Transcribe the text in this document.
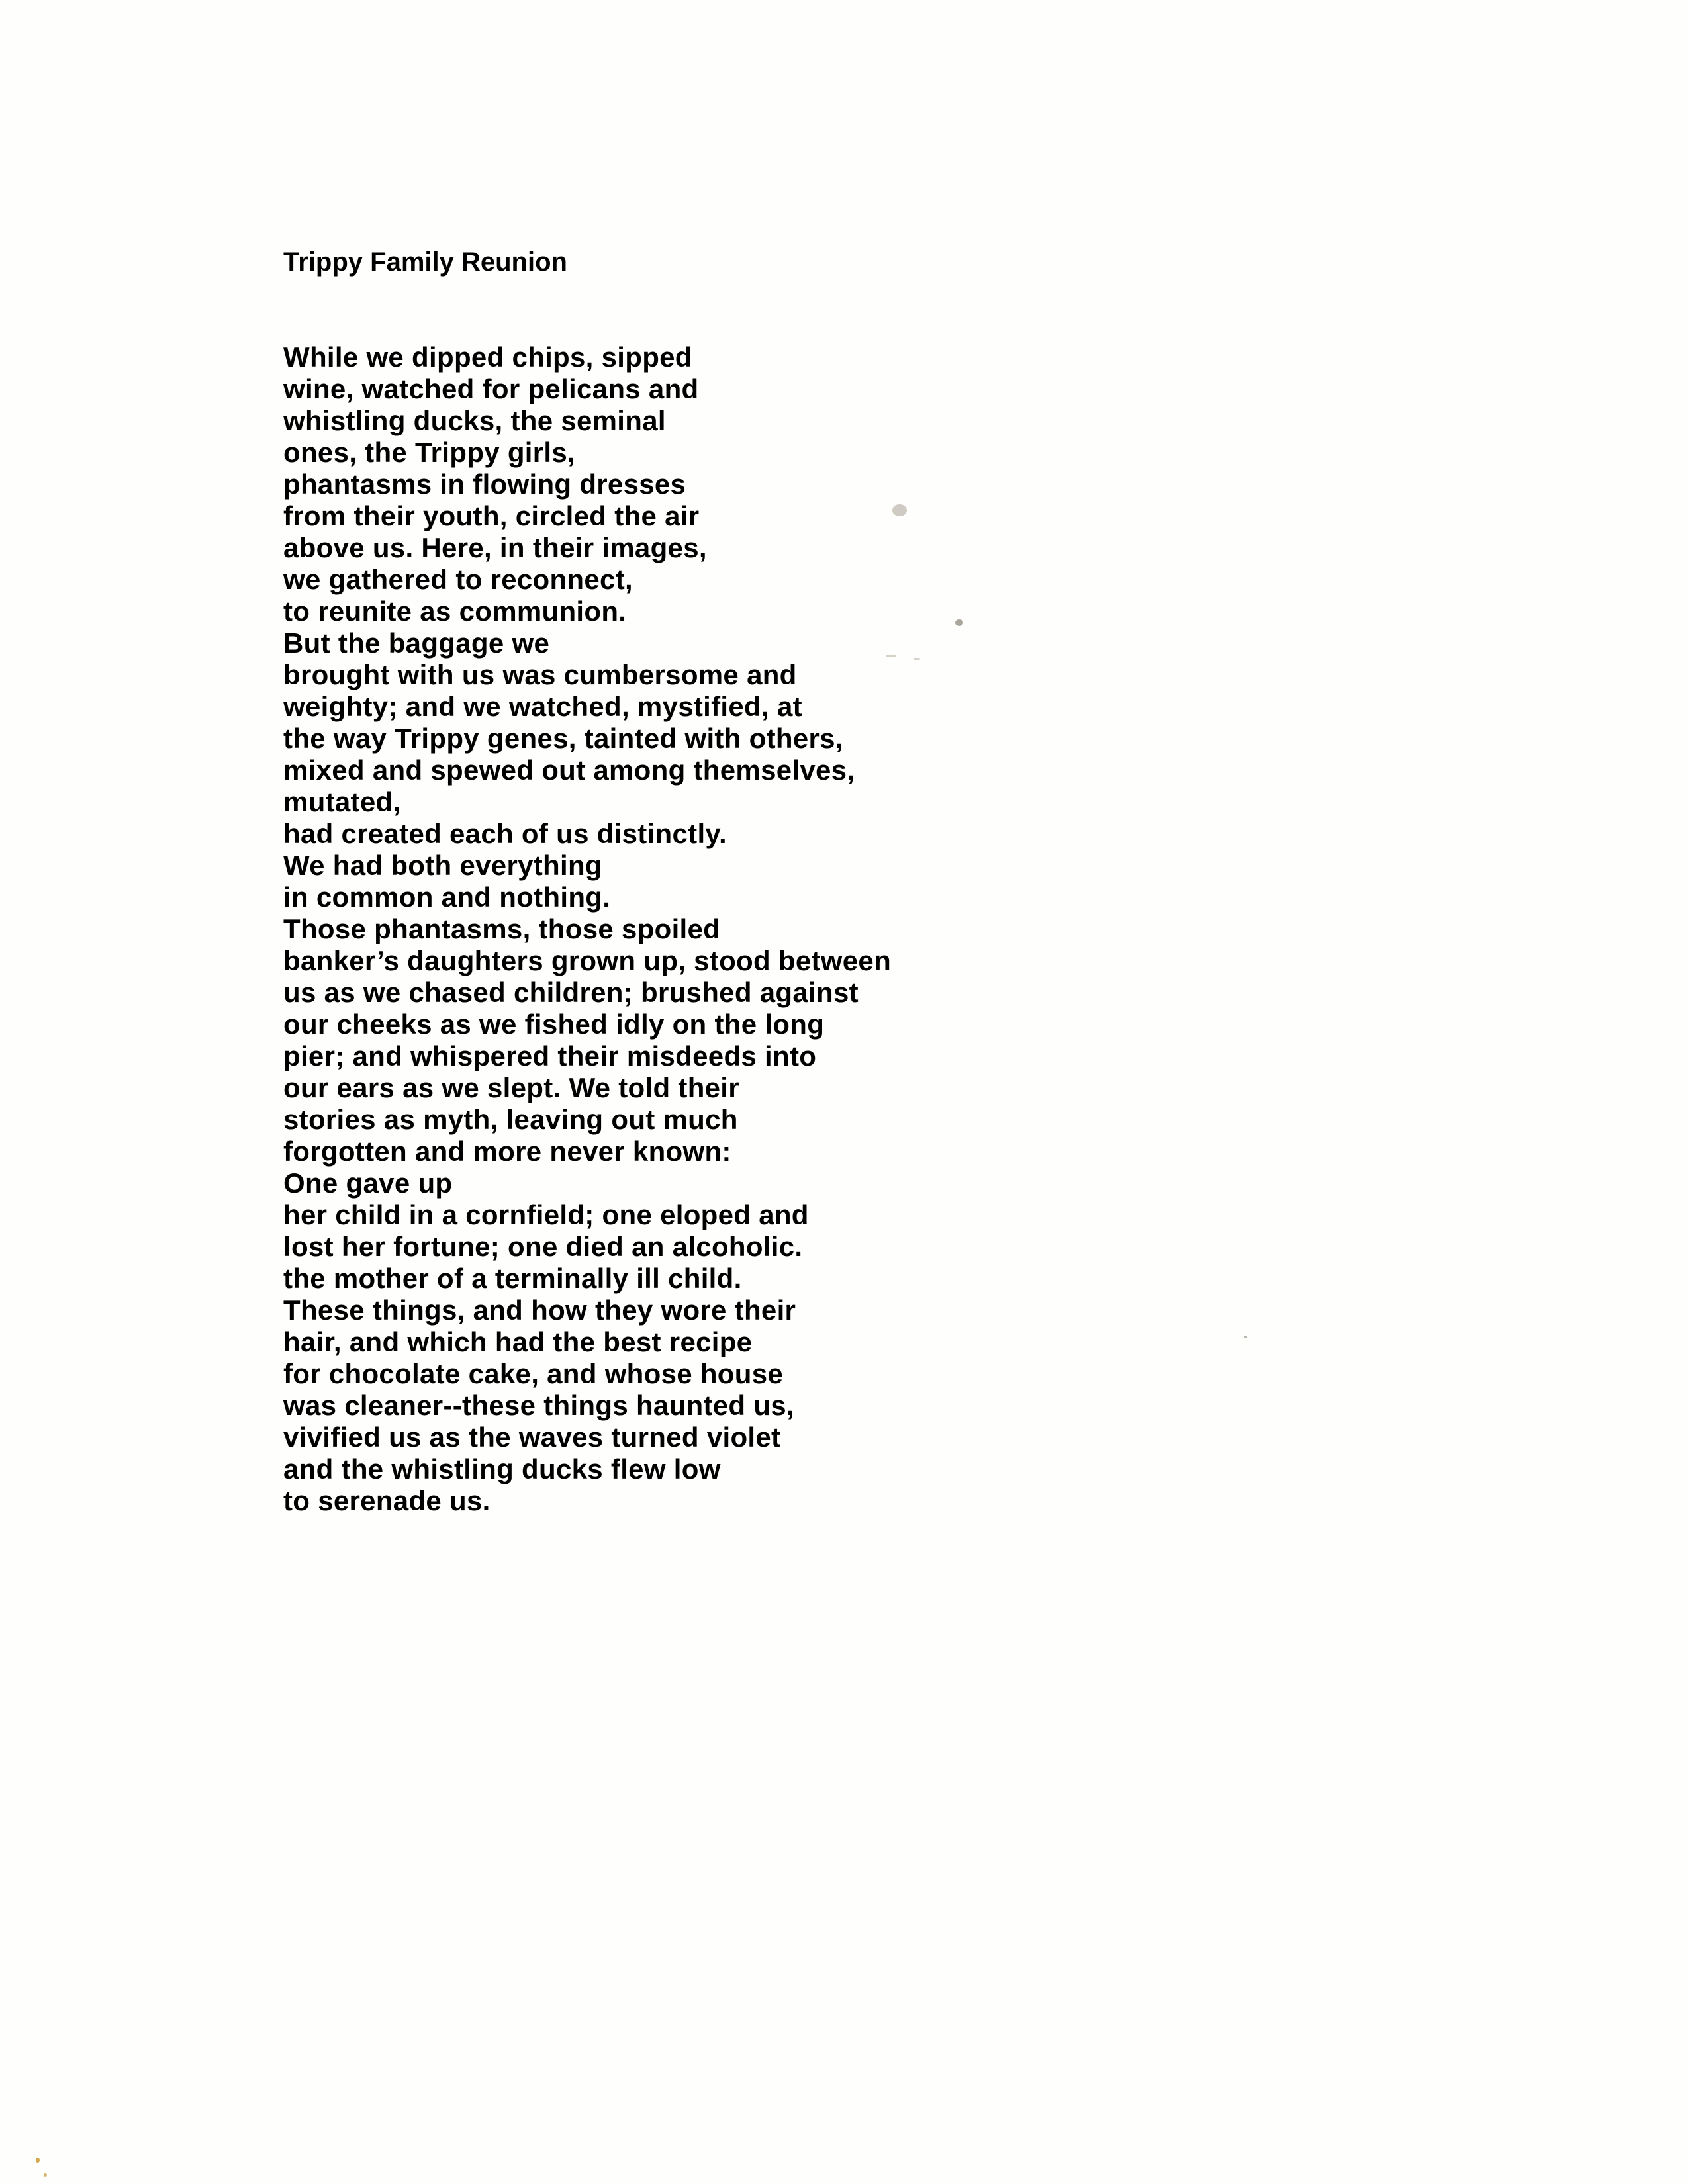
Trippy Family Reunion
While we dipped chips, sipped
wine, watched for pelicans and
whistling ducks, the seminal
ones, the Trippy girls,
phantasms in flowing dresses
from their youth, circled the air
above us. Here, in their images,
we gathered to reconnect,
to reunite as communion.
But the baggage we
brought with us was cumbersome and
weighty; and we watched, mystified, at
the way Trippy genes, tainted with others,
mixed and spewed out among themselves,
mutated,
had created each of us distinctly.
We had both everything
in common and nothing.
Those phantasms, those spoiled
banker’s daughters grown up, stood between
us as we chased children; brushed against
our cheeks as we fished idly on the long
pier; and whispered their misdeeds into
our ears as we slept. We told their
stories as myth, leaving out much
forgotten and more never known:
One gave up
her child in a cornfield; one eloped and
lost her fortune; one died an alcoholic.
the mother of a terminally ill child.
These things, and how they wore their
hair, and which had the best recipe
for chocolate cake, and whose house
was cleaner--these things haunted us,
vivified us as the waves turned violet
and the whistling ducks flew low
to serenade us.
